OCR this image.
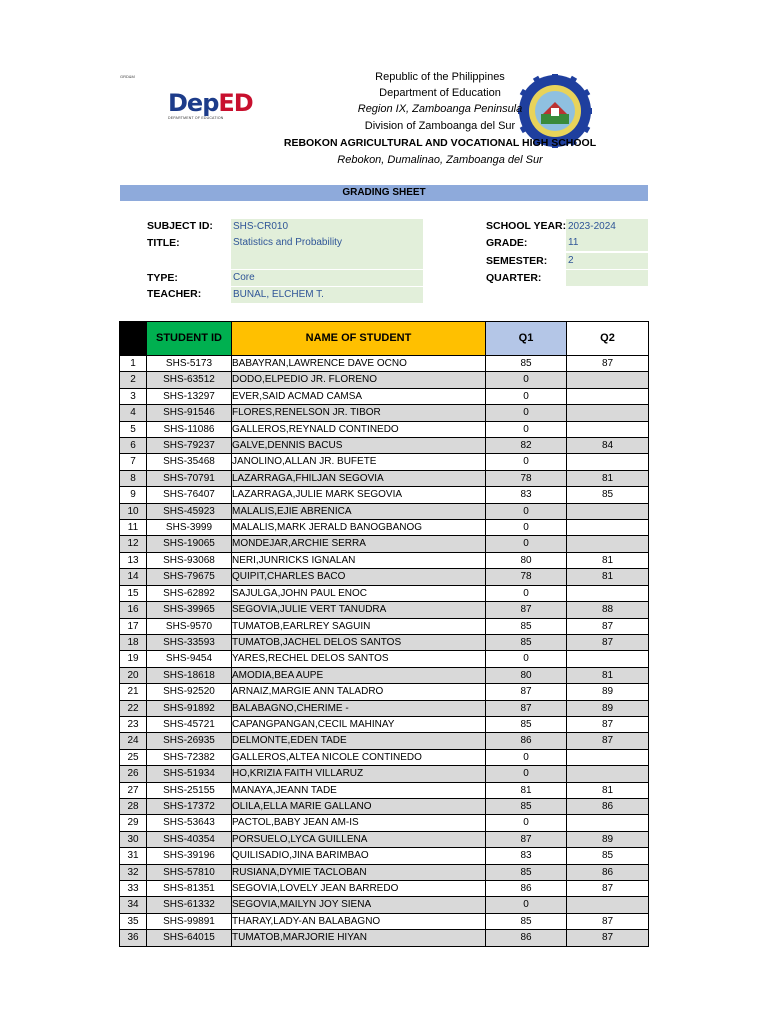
GRD&M
DepED
DEPARTMENT OF EDUCATION
Republic of the Philippines
Department of Education
Region IX, Zamboanga Peninsula
Division of Zamboanga del Sur
REBOKON AGRICULTURAL AND VOCATIONAL HIGH SCHOOL
Rebokon, Dumalinao, Zamboanga del Sur
GRADING SHEET
SUBJECT ID: SHS-CR010
TITLE:	Statistics and Probability
TYPE:	Core
TEACHER:	BUNAL, ELCHEM T.
SCHOOL YEAR: 2023-2024
GRADE:	11
SEMESTER: 2
QUARTER:
	STUDENT ID	NAME OF STUDENT	Q1	Q2
1	SHS-5173	BABAYRAN,LAWRENCE DAVE OCNO	85	87
2	SHS-63512	DODO,ELPEDIO JR. FLORENO	0	
3	SHS-13297	EVER,SAID ACMAD CAMSA	0	
4	SHS-91546	FLORES,RENELSON JR. TIBOR	0	
5	SHS-11086	GALLEROS,REYNALD CONTINEDO	0	
6	SHS-79237	GALVE,DENNIS BACUS	82	84
7	SHS-35468	JANOLINO,ALLAN JR. BUFETE	0	
8	SHS-70791	LAZARRAGA,FHILJAN SEGOVIA	78	81
9	SHS-76407	LAZARRAGA,JULIE MARK SEGOVIA	83	85
10	SHS-45923	MALALIS,EJIE ABRENICA	0	
11	SHS-3999	MALALIS,MARK JERALD BANOGBANOG	0	
12	SHS-19065	MONDEJAR,ARCHIE SERRA	0	
13	SHS-93068	NERI,JUNRICKS IGNALAN	80	81
14	SHS-79675	QUIPIT,CHARLES BACO	78	81
15	SHS-62892	SAJULGA,JOHN PAUL ENOC	0	
16	SHS-39965	SEGOVIA,JULIE VERT TANUDRA	87	88
17	SHS-9570	TUMATOB,EARLREY SAGUIN	85	87
18	SHS-33593	TUMATOB,JACHEL DELOS SANTOS	85	87
19	SHS-9454	YARES,RECHEL DELOS SANTOS	0	
20	SHS-18618	AMODIA,BEA AUPE	80	81
21	SHS-92520	ARNAIZ,MARGIE ANN TALADRO	87	89
22	SHS-91892	BALABAGNO,CHERIME -	87	89
23	SHS-45721	CAPANGPANGAN,CECIL MAHINAY	85	87
24	SHS-26935	DELMONTE,EDEN TADE	86	87
25	SHS-72382	GALLEROS,ALTEA NICOLE CONTINEDO	0	
26	SHS-51934	HO,KRIZIA FAITH VILLARUZ	0	
27	SHS-25155	MANAYA,JEANN TADE	81	81
28	SHS-17372	OLILA,ELLA MARIE GALLANO	85	86
29	SHS-53643	PACTOL,BABY JEAN AM-IS	0	
30	SHS-40354	PORSUELO,LYCA GUILLENA	87	89
31	SHS-39196	QUILISADIO,JINA BARIMBAO	83	85
32	SHS-57810	RUSIANA,DYMIE TACLOBAN	85	86
33	SHS-81351	SEGOVIA,LOVELY JEAN BARREDO	86	87
34	SHS-61332	SEGOVIA,MAILYN JOY SIENA	0	
35	SHS-99891	THARAY,LADY-AN BALABAGNO	85	87
36	SHS-64015	TUMATOB,MARJORIE HIYAN	86	87
